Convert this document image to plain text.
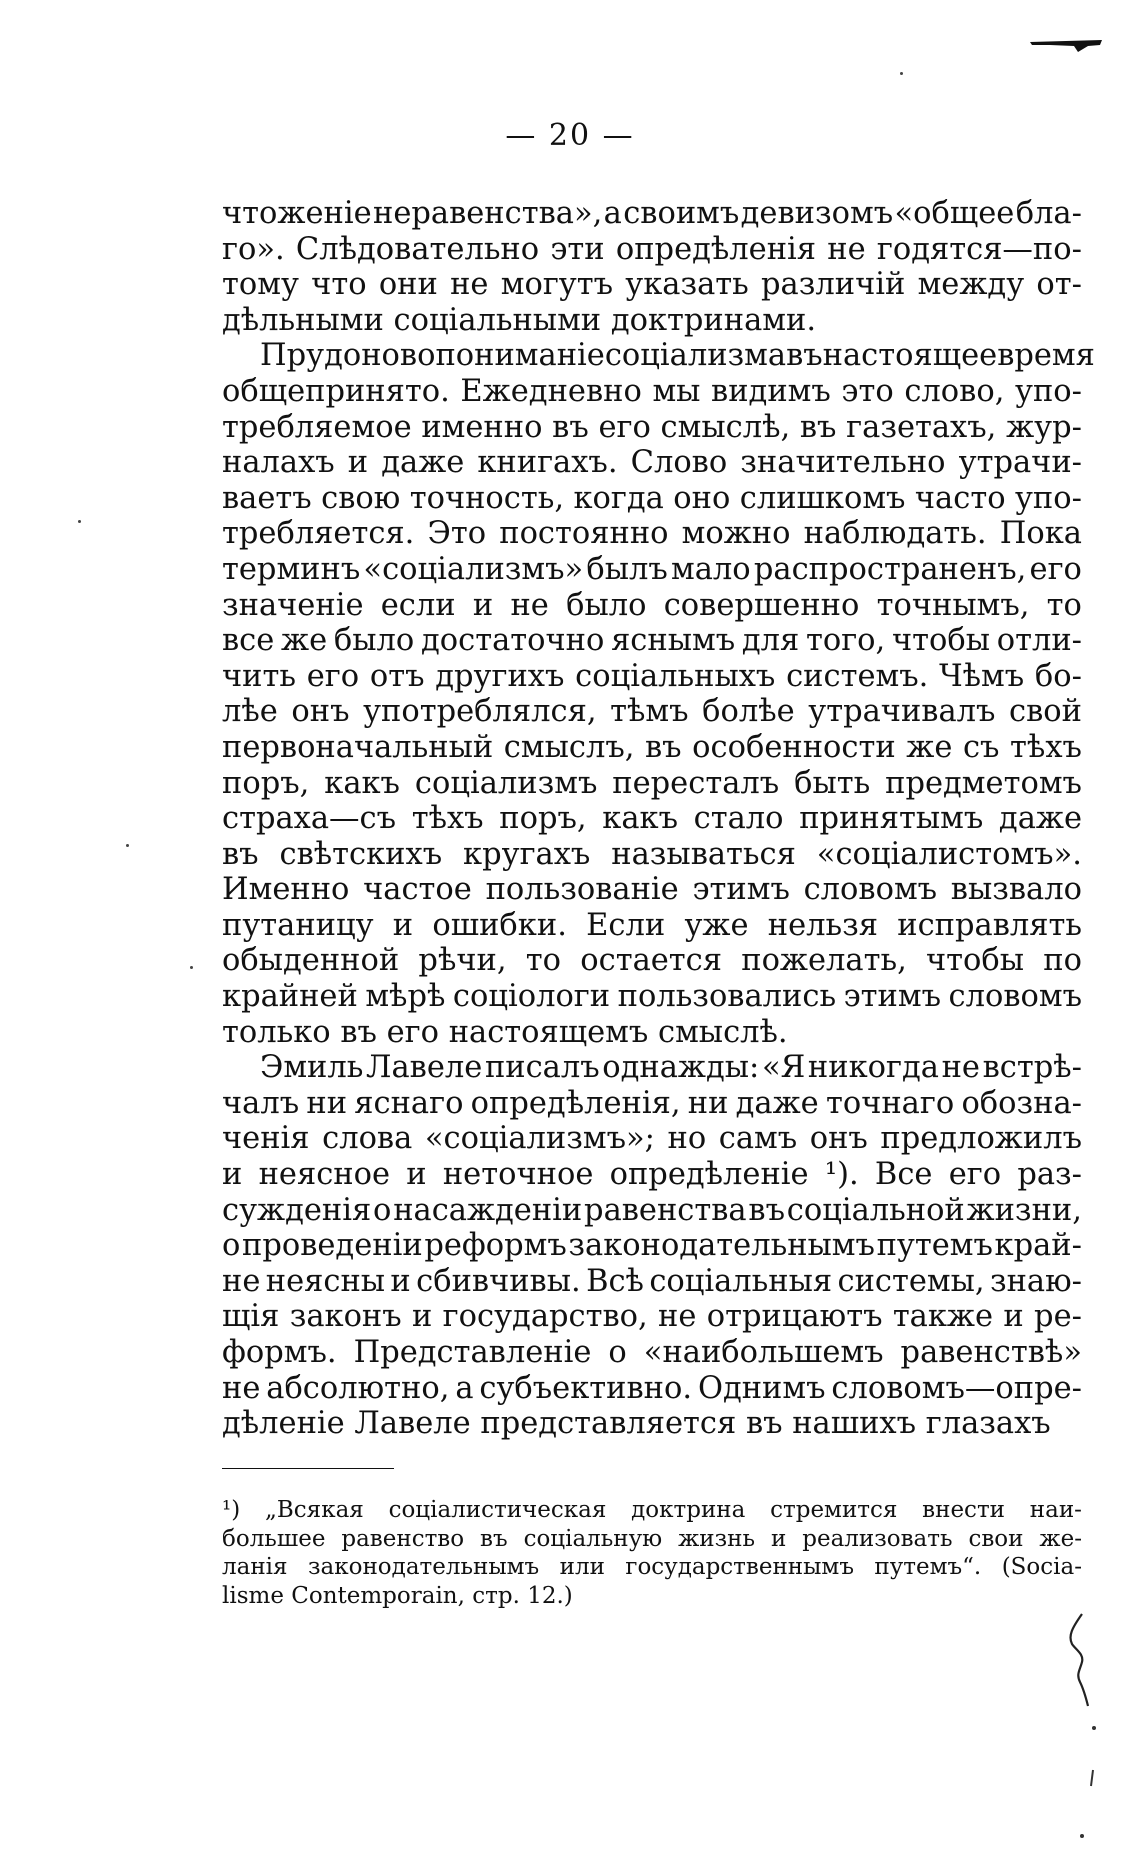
— 20 —
чтоженіе неравенства», а своимъ девизомъ «общее бла-
го». Слѣдовательно эти опредѣленія не годятся—по-
тому что они не могутъ указать различій между от-
дѣльными соціальными доктринами.
Прудоново пониманіе соціализма въ настоящее время
общепринято. Ежедневно мы видимъ это слово, упо-
требляемое именно въ его смыслѣ, въ газетахъ, жур-
налахъ и даже книгахъ. Слово значительно утрачи-
ваетъ свою точность, когда оно слишкомъ часто упо-
требляется. Это постоянно можно наблюдать. Пока
терминъ «соціализмъ» былъ мало распространенъ, его
значеніе если и не было совершенно точнымъ, то
все же было достаточно яснымъ для того, чтобы отли-
чить его отъ другихъ соціальныхъ системъ. Чѣмъ бо-
лѣе онъ употреблялся, тѣмъ болѣе утрачивалъ свой
первоначальный смыслъ, въ особенности же съ тѣхъ
поръ, какъ соціализмъ пересталъ быть предметомъ
страха—съ тѣхъ поръ, какъ стало принятымъ даже
въ свѣтскихъ кругахъ называться «соціалистомъ».
Именно частое пользованіе этимъ словомъ вызвало
путаницу и ошибки. Если уже нельзя исправлять
обыденной рѣчи, то остается пожелать, чтобы по
крайней мѣрѣ соціологи пользовались этимъ словомъ
только въ его настоящемъ смыслѣ.
Эмиль Лавеле писалъ однажды: «Я никогда не встрѣ-
чалъ ни яснаго опредѣленія, ни даже точнаго обозна-
ченія слова «соціализмъ»; но самъ онъ предложилъ
и неясное и неточное опредѣленіе ¹). Все его раз-
сужденія о насажденіи равенства въ соціальной жизни,
о проведеніи реформъ законодательнымъ путемъ край-
не неясны и сбивчивы. Всѣ соціальныя системы, знаю-
щія законъ и государство, не отрицаютъ также и ре-
формъ. Представленіе о «наибольшемъ равенствѣ»
не абсолютно, а субъективно. Однимъ словомъ—опре-
дѣленіе Лавеле представляется въ нашихъ глазахъ
¹) „Всякая соціалистическая доктрина стремится внести наи-
большее равенство въ соціальную жизнь и реализовать свои же-
ланія законодательнымъ или государственнымъ путемъ“. (Socia-
lisme Contemporain, стр. 12.)
